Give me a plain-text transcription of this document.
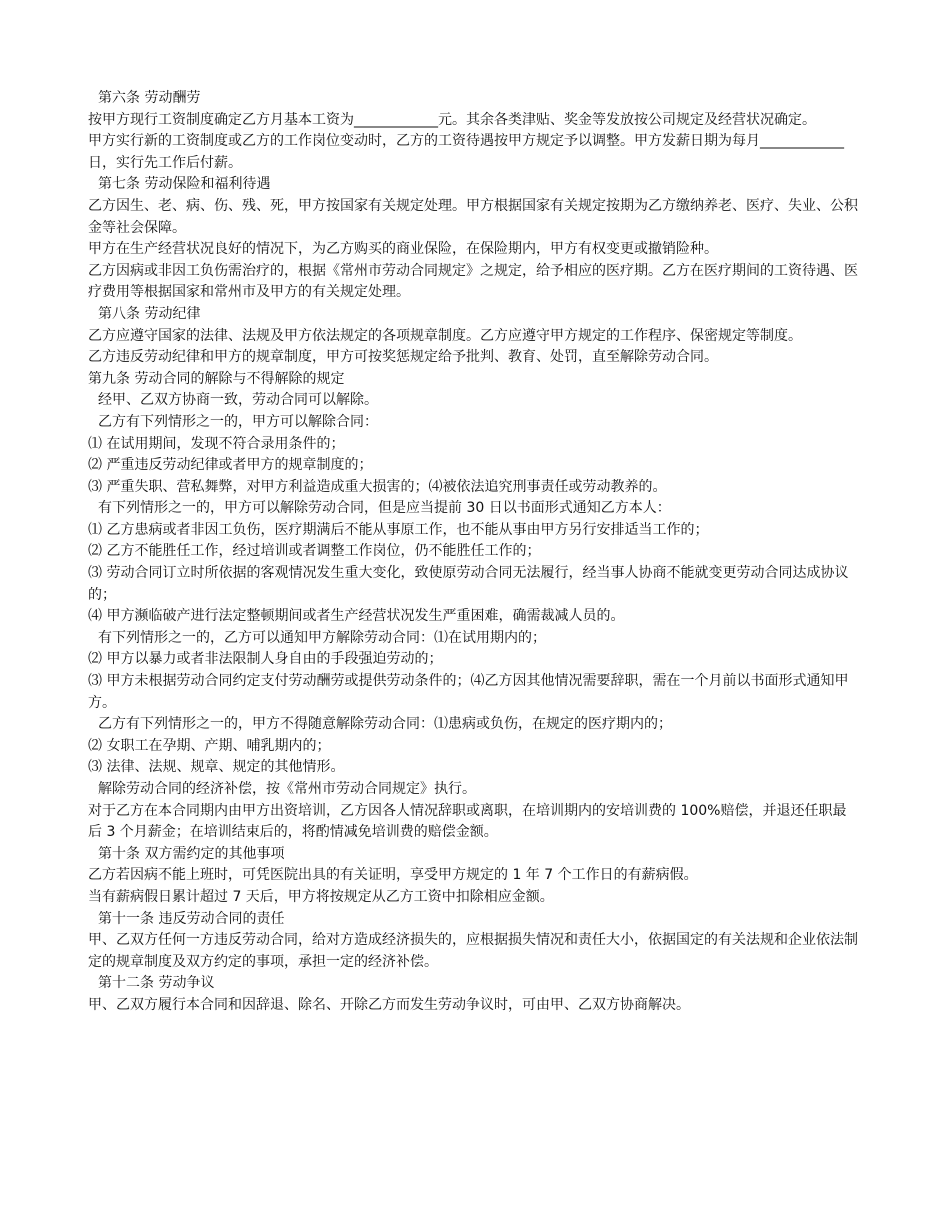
第六条 劳动酬劳
按甲方现行工资制度确定乙方月基本工资为____________元。其余各类津贴、奖金等发放按公司规定及经营状况确定。
甲方实行新的工资制度或乙方的工作岗位变动时，乙方的工资待遇按甲方规定予以调整。甲方发薪日期为每月____________日，实行先工作后付薪。
第七条 劳动保险和福利待遇
乙方因生、老、病、伤、残、死，甲方按国家有关规定处理。甲方根据国家有关规定按期为乙方缴纳养老、医疗、失业、公积金等社会保障。
甲方在生产经营状况良好的情况下，为乙方购买的商业保险，在保险期内，甲方有权变更或撤销险种。
乙方因病或非因工负伤需治疗的，根据《常州市劳动合同规定》之规定，给予相应的医疗期。乙方在医疗期间的工资待遇、医疗费用等根据国家和常州市及甲方的有关规定处理。
第八条 劳动纪律
乙方应遵守国家的法律、法规及甲方依法规定的各项规章制度。乙方应遵守甲方规定的工作程序、保密规定等制度。
乙方违反劳动纪律和甲方的规章制度，甲方可按奖惩规定给予批判、教育、处罚，直至解除劳动合同。
第九条 劳动合同的解除与不得解除的规定
经甲、乙双方协商一致，劳动合同可以解除。
乙方有下列情形之一的，甲方可以解除合同：
⑴ 在试用期间，发现不符合录用条件的；
⑵ 严重违反劳动纪律或者甲方的规章制度的；
⑶ 严重失职、营私舞弊，对甲方利益造成重大损害的；⑷被依法追究刑事责任或劳动教养的。
有下列情形之一的，甲方可以解除劳动合同，但是应当提前 30 日以书面形式通知乙方本人：
⑴ 乙方患病或者非因工负伤，医疗期满后不能从事原工作，也不能从事由甲方另行安排适当工作的；
⑵ 乙方不能胜任工作，经过培训或者调整工作岗位，仍不能胜任工作的；
⑶ 劳动合同订立时所依据的客观情况发生重大变化，致使原劳动合同无法履行，经当事人协商不能就变更劳动合同达成协议的；
⑷ 甲方濒临破产进行法定整顿期间或者生产经营状况发生严重困难，确需裁减人员的。
有下列情形之一的，乙方可以通知甲方解除劳动合同：⑴在试用期内的；
⑵ 甲方以暴力或者非法限制人身自由的手段强迫劳动的；
⑶ 甲方未根据劳动合同约定支付劳动酬劳或提供劳动条件的；⑷乙方因其他情况需要辞职，需在一个月前以书面形式通知甲
方。
乙方有下列情形之一的，甲方不得随意解除劳动合同：⑴患病或负伤，在规定的医疗期内的；
⑵ 女职工在孕期、产期、哺乳期内的；
⑶ 法律、法规、规章、规定的其他情形。
解除劳动合同的经济补偿，按《常州市劳动合同规定》执行。
对于乙方在本合同期内由甲方出资培训，乙方因各人情况辞职或离职，在培训期内的安培训费的 100%赔偿，并退还任职最后 3 个月薪金；在培训结束后的，将酌情减免培训费的赔偿金额。
第十条 双方需约定的其他事项
乙方若因病不能上班时，可凭医院出具的有关证明，享受甲方规定的 1 年 7 个工作日的有薪病假。
当有薪病假日累计超过 7 天后，甲方将按规定从乙方工资中扣除相应金额。
第十一条 违反劳动合同的责任
甲、乙双方任何一方违反劳动合同，给对方造成经济损失的，应根据损失情况和责任大小，依据国定的有关法规和企业依法制定的规章制度及双方约定的事项，承担一定的经济补偿。
第十二条 劳动争议
甲、乙双方履行本合同和因辞退、除名、开除乙方而发生劳动争议时，可由甲、乙双方协商解决。
